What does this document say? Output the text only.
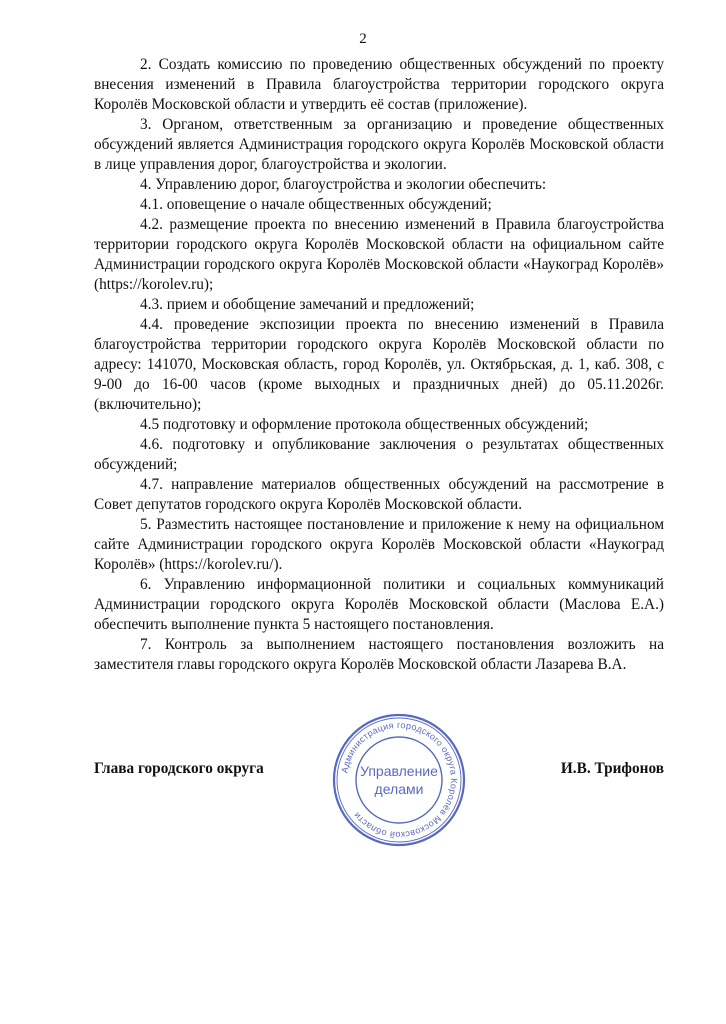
2

2. Создать комиссию по проведению общественных обсуждений по проекту внесения изменений в Правила благоустройства территории городского округа Королёв Московской области и утвердить её состав (приложение).

3. Органом, ответственным за организацию и проведение общественных обсуждений является Администрация городского округа Королёв Московской области в лице управления дорог, благоустройства и экологии.

4. Управлению дорог, благоустройства и экологии обеспечить:

4.1. оповещение о начале общественных обсуждений;

4.2. размещение проекта по внесению изменений в Правила благоустройства территории городского округа Королёв Московской области на официальном сайте Администрации городского округа Королёв Московской области «Наукоград Королёв» (https://korolev.ru);

4.3. прием и обобщение замечаний и предложений;

4.4. проведение экспозиции проекта по внесению изменений в Правила благоустройства территории городского округа Королёв Московской области по адресу: 141070, Московская область, город Королёв, ул. Октябрьская, д. 1, каб. 308, с 9-00 до 16-00 часов (кроме выходных и праздничных дней) до 05.11.2026г. (включительно);

4.5 подготовку и оформление протокола общественных обсуждений;

4.6. подготовку и опубликование заключения о результатах общественных обсуждений;

4.7. направление материалов общественных обсуждений на рассмотрение в Совет депутатов городского округа Королёв Московской области.

5. Разместить настоящее постановление и приложение к нему на официальном сайте Администрации городского округа Королёв Московской области «Наукоград Королёв» (https://korolev.ru/).

6. Управлению информационной политики и социальных коммуникаций Администрации городского округа Королёв Московской области (Маслова Е.А.) обеспечить выполнение пункта 5 настоящего постановления.

7. Контроль за выполнением настоящего постановления возложить на заместителя главы городского округа Королёв Московской области Лазарева В.А.

Глава городского округа	И.В. Трифонов
Администрация городского округа Королёв Московской области
Управление
делами
